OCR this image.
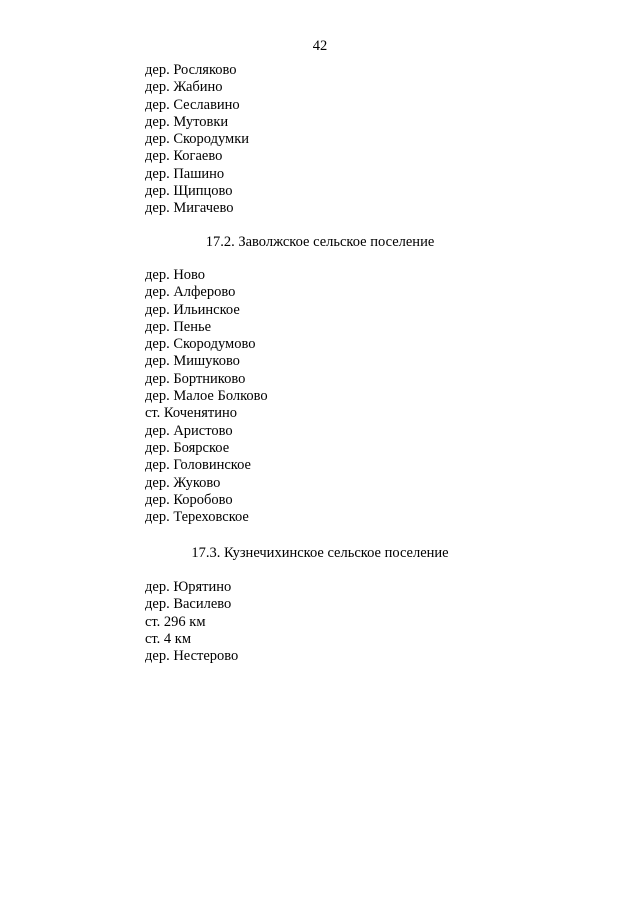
42
дер. Росляково
дер. Жабино
дер. Сеславино
дер. Мутовки
дер. Скородумки
дер. Когаево
дер. Пашино
дер. Щипцово
дер. Мигачево
17.2. Заволжское сельское поселение
дер. Ново
дер. Алферово
дер. Ильинское
дер. Пенье
дер. Скородумово
дер. Мишуково
дер. Бортниково
дер. Малое Болково
ст. Коченятино
дер. Аристово
дер. Боярское
дер. Головинское
дер. Жуково
дер. Коробово
дер. Тереховское
17.3. Кузнечихинское сельское поселение
дер. Юрятино
дер. Василево
ст. 296 км
ст. 4 км
дер. Нестерово
